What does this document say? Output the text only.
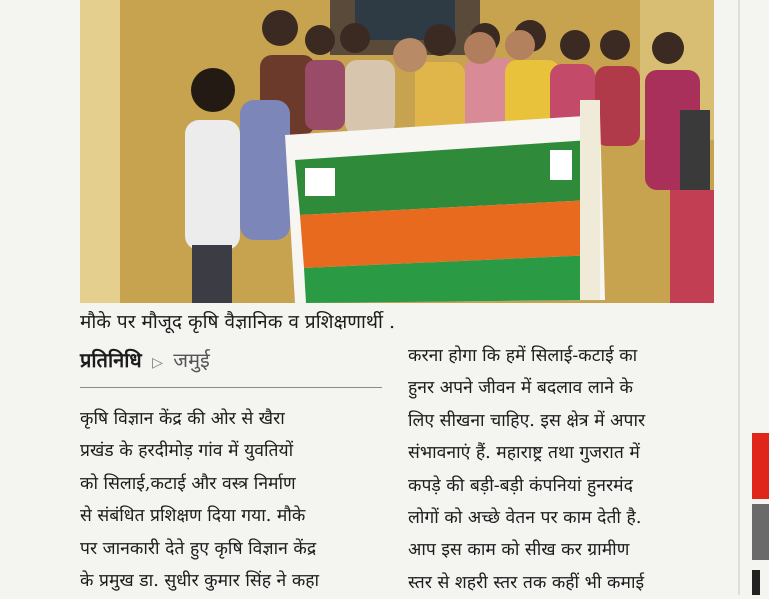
मौके पर मौजूद कृषि वैज्ञानिक व प्रशिक्षणार्थी .
प्रतिनिधि ▷ जमुई
कृषि विज्ञान केंद्र की ओर से खैरा
प्रखंड के हरदीमोड़ गांव में युवतियों
को सिलाई,कटाई और वस्त्र निर्माण
से संबंधित प्रशिक्षण दिया गया. मौके
पर जानकारी देते हुए कृषि विज्ञान केंद्र
के प्रमुख डा. सुधीर कुमार सिंह ने कहा
करना होगा कि हमें सिलाई-कटाई का
हुनर अपने जीवन में बदलाव लाने के
लिए सीखना चाहिए. इस क्षेत्र में अपार
संभावनाएं हैं. महाराष्ट्र तथा गुजरात में
कपड़े की बड़ी-बड़ी कंपनियां हुनरमंद
लोगों को अच्छे वेतन पर काम देती है.
आप इस काम को सीख कर ग्रामीण
स्तर से शहरी स्तर तक कहीं भी कमाई
